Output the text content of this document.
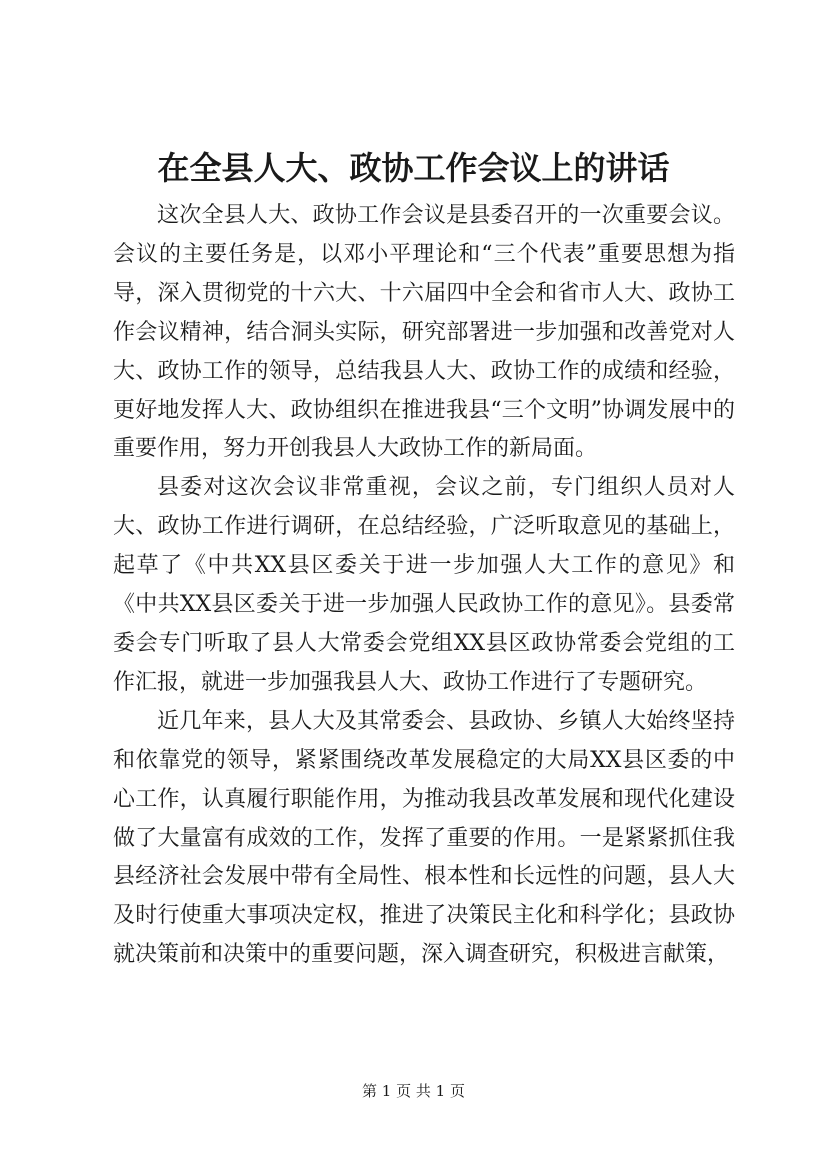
在全县人大、政协工作会议上的讲话

这次全县人大、政协工作会议是县委召开的一次重要会议。会议的主要任务是，以邓小平理论和“三个代表”重要思想为指导，深入贯彻党的十六大、十六届四中全会和省市人大、政协工作会议精神，结合洞头实际，研究部署进一步加强和改善党对人大、政协工作的领导，总结我县人大、政协工作的成绩和经验，更好地发挥人大、政协组织在推进我县“三个文明”协调发展中的重要作用，努力开创我县人大政协工作的新局面。

县委对这次会议非常重视，会议之前，专门组织人员对人大、政协工作进行调研，在总结经验，广泛听取意见的基础上，起草了《中共XX县区委关于进一步加强人大工作的意见》和《中共XX县区委关于进一步加强人民政协工作的意见》。县委常委会专门听取了县人大常委会党组XX县区政协常委会党组的工作汇报，就进一步加强我县人大、政协工作进行了专题研究。

近几年来，县人大及其常委会、县政协、乡镇人大始终坚持和依靠党的领导，紧紧围绕改革发展稳定的大局XX县区委的中心工作，认真履行职能作用，为推动我县改革发展和现代化建设做了大量富有成效的工作，发挥了重要的作用。一是紧紧抓住我县经济社会发展中带有全局性、根本性和长远性的问题，县人大及时行使重大事项决定权，推进了决策民主化和科学化；县政协就决策前和决策中的重要问题，深入调查研究，积极进言献策，

第 1 页 共 1 页
